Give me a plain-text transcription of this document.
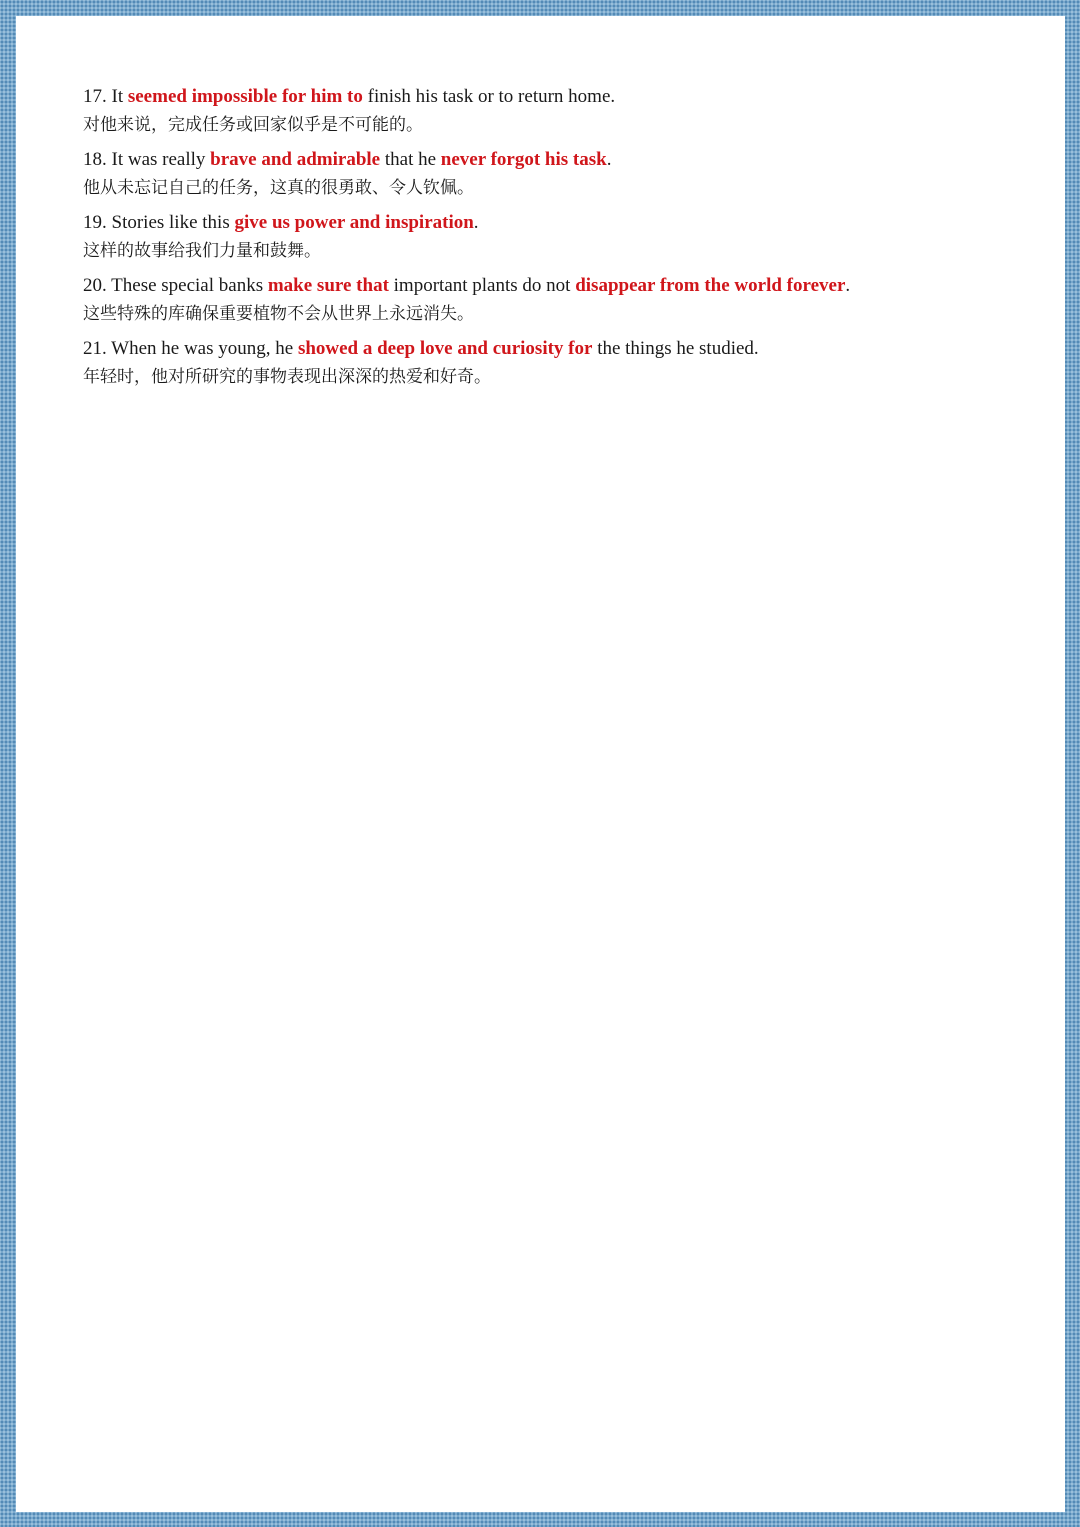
17. It seemed impossible for him to finish his task or to return home.
对他来说，完成任务或回家似乎是不可能的。
18. It was really brave and admirable that he never forgot his task.
他从未忘记自己的任务，这真的很勇敢、令人钦佩。
19. Stories like this give us power and inspiration.
这样的故事给我们力量和鼓舞。
20. These special banks make sure that important plants do not disappear from the world forever.
这些特殊的库确保重要植物不会从世界上永远消失。
21. When he was young, he showed a deep love and curiosity for the things he studied.
年轻时，他对所研究的事物表现出深深的热爱和好奇。
